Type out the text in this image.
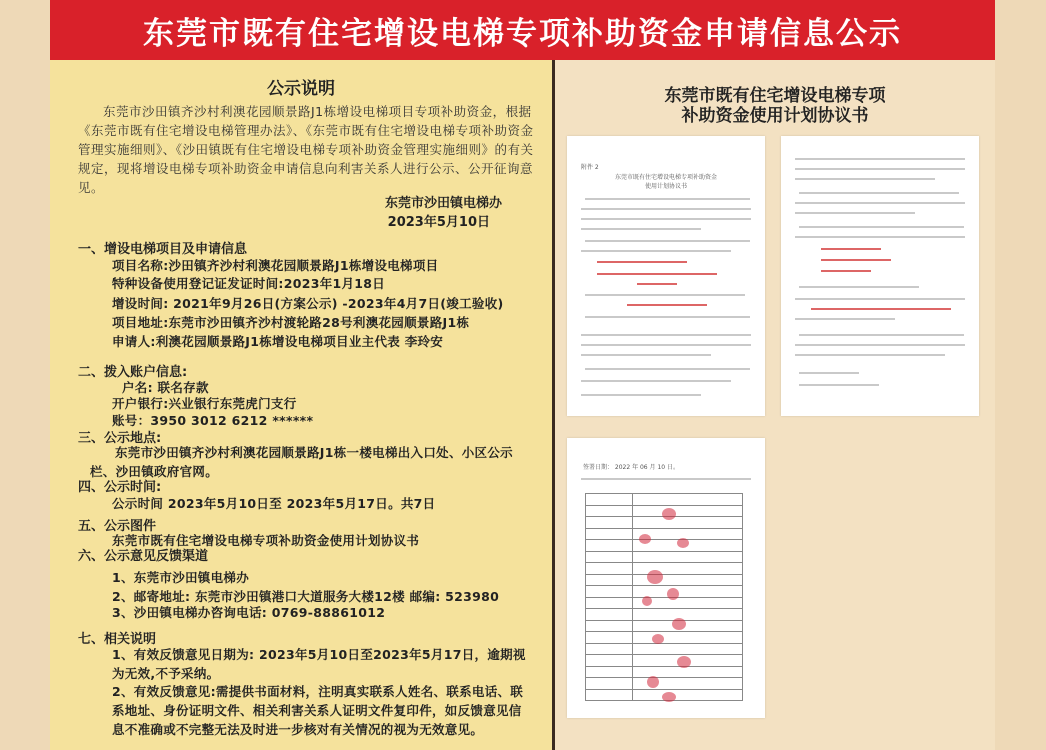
东莞市既有住宅增设电梯专项补助资金申请信息公示
公示说明
东莞市沙田镇齐沙村利澳花园顺景路J1栋增设电梯项目专项补助资金，根据《东莞市既有住宅增设电梯管理办法》、《东莞市既有住宅增设电梯专项补助资金管理实施细则》、《沙田镇既有住宅增设电梯专项补助资金管理实施细则》的有关规定，现将增设电梯专项补助资金申请信息向利害关系人进行公示、公开征询意见。
东莞市沙田镇电梯办
2023年5月10日
一、增设电梯项目及申请信息
项目名称:沙田镇齐沙村利澳花园顺景路J1栋增设电梯项目
特种设备使用登记证发证时间:2023年1月18日
增设时间: 2021年9月26日(方案公示) -2023年4月7日(竣工验收)
项目地址:东莞市沙田镇齐沙村渡轮路28号利澳花园顺景路J1栋
申请人:利澳花园顺景路J1栋增设电梯项目业主代表 李玲安
二、拨入账户信息:
户名: 联名存款
开户银行:兴业银行东莞虎门支行
账号：3950 3012 6212 ******
三、公示地点:
东莞市沙田镇齐沙村利澳花园顺景路J1栋一楼电梯出入口处、小区公示栏、沙田镇政府官网。
四、公示时间:
公示时间 2023年5月10日至 2023年5月17日。共7日
五、公示图件
东莞市既有住宅增设电梯专项补助资金使用计划协议书
六、公示意见反馈渠道
1、东莞市沙田镇电梯办
2、邮寄地址: 东莞市沙田镇港口大道服务大楼12楼 邮编: 523980
3、沙田镇电梯办咨询电话: 0769-88861012
七、相关说明
1、有效反馈意见日期为: 2023年5月10日至2023年5月17日，逾期视为无效,不予采纳。
2、有效反馈意见:需提供书面材料，注明真实联系人姓名、联系电话、联系地址、身份证明文件、相关利害关系人证明文件复印件，如反馈意见信息不准确或不完整无法及时进一步核对有关情况的视为无效意见。
东莞市既有住宅增设电梯专项
补助资金使用计划协议书
附件 2
东莞市既有住宅增设电梯专项补助资金
使用计划协议书
签署日期： 2022 年 06 月 10 日。
